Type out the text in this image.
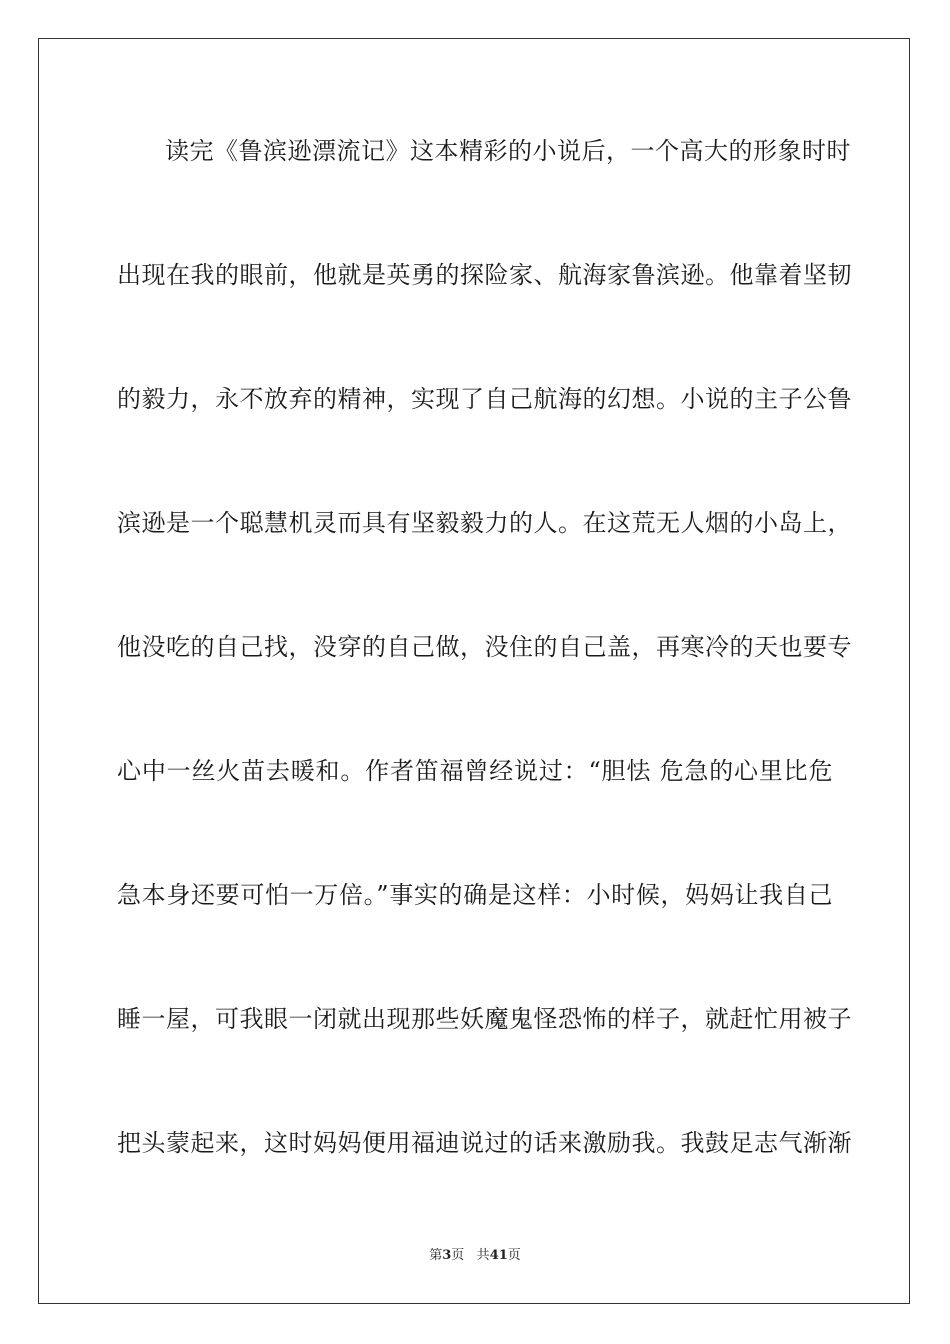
读完《鲁滨逊漂流记》这本精彩的小说后，一个高大的形象时时
出现在我的眼前，他就是英勇的探险家、航海家鲁滨逊。他靠着坚韧
的毅力，永不放弃的精神，实现了自己航海的幻想。小说的主子公鲁
滨逊是一个聪慧机灵而具有坚毅毅力的人。在这荒无人烟的小岛上，
他没吃的自己找，没穿的自己做，没住的自己盖，再寒冷的天也要专
心中一丝火苗去暖和。作者笛福曾经说过：“胆怯 危急的心里比危
急本身还要可怕一万倍。”事实的确是这样：小时候，妈妈让我自己
睡一屋，可我眼一闭就出现那些妖魔鬼怪恐怖的样子，就赶忙用被子
把头蒙起来，这时妈妈便用福迪说过的话来激励我。我鼓足志气渐渐
第3页 共41页
